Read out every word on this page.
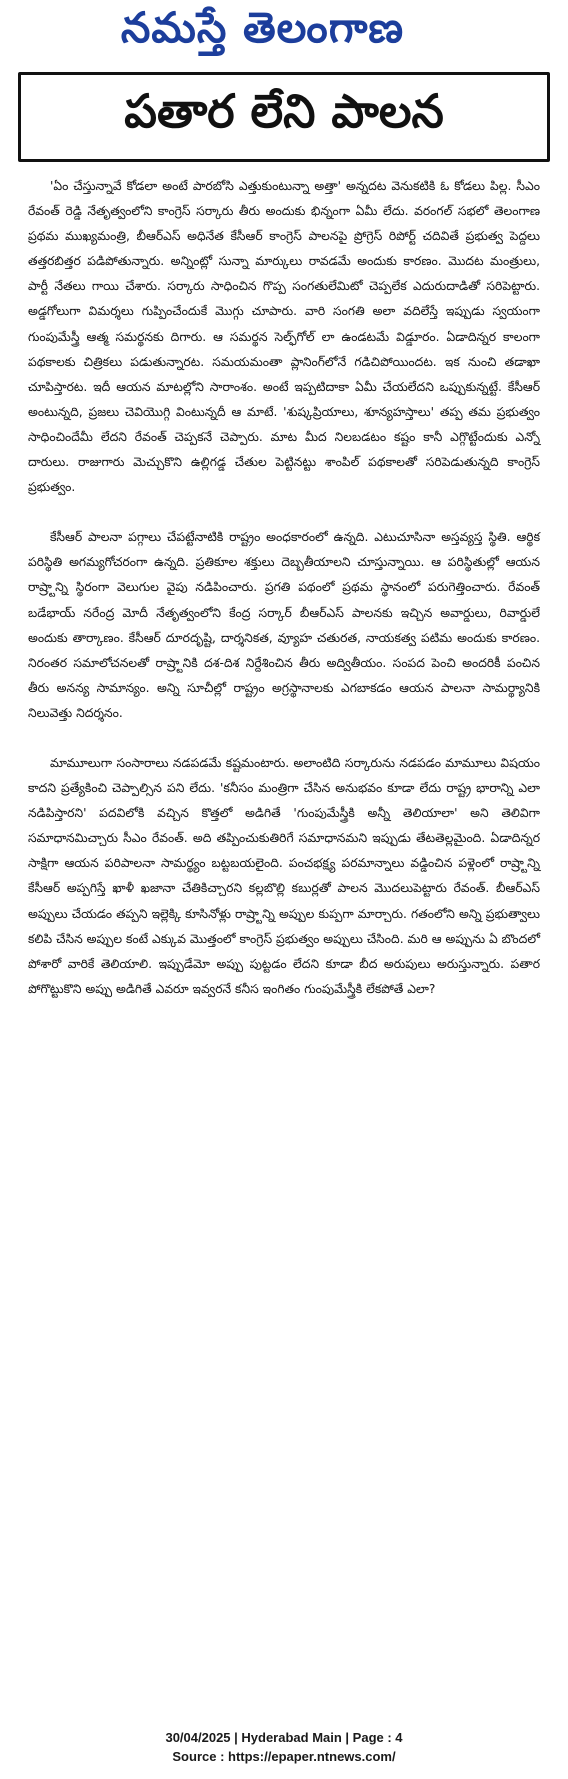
నమస్తే తెలంగాణ
పతార లేని పాలన

'ఏం చేస్తున్నావే కోడలా అంటే పారబోసి ఎత్తుకుంటున్నా అత్తా' అన్నదట వెనుకటికి ఓ కోడలు పిల్ల. సీఎం రేవంత్ రెడ్డి నేతృత్వంలోని కాంగ్రెస్ సర్కారు తీరు అందుకు భిన్నంగా ఏమీ లేదు. వరంగల్ సభలో తెలంగాణ ప్రథమ ముఖ్యమంత్రి, బీఆర్ఎస్ అధినేత కేసీఆర్ కాంగ్రెస్ పాలనపై ప్రోగ్రెస్ రిపోర్ట్ చదివితే ప్రభుత్వ పెద్దలు తత్తరబిత్తర పడిపోతున్నారు. అన్నింట్లో సున్నా మార్కులు రావడమే అందుకు కారణం. మొదట మంత్రులు, పార్టీ నేతలు గాయి చేశారు. సర్కారు సాధించిన గొప్ప సంగతులేమిటో చెప్పలేక ఎదురుదాడితో సరిపెట్టారు. అడ్డగోలుగా విమర్శలు గుప్పించేందుకే మొగ్గు చూపారు. వారి సంగతి అలా వదిలేస్తే ఇప్పుడు స్వయంగా గుంపుమేస్త్రీ ఆత్మ సమర్థనకు దిగారు. ఆ సమర్థన సెల్ఫ్‌గోల్ లా ఉండటమే విడ్డూరం. ఏడాదిన్నర కాలంగా పథకాలకు చిత్రికలు పడుతున్నారట. సమయమంతా ప్లానింగ్‌లోనే గడిచిపోయిందట. ఇక నుంచి తడాఖా చూపిస్తారట. ఇదీ ఆయన మాటల్లోని సారాంశం. అంటే ఇప్పటిదాకా ఏమీ చేయలేదని ఒప్పుకున్నట్టే. కేసీఆర్ అంటున్నది, ప్రజలు చెవియొగ్గి వింటున్నదీ ఆ మాటే. 'శుష్కప్రియాలు, శూన్యహస్తాలు' తప్ప తమ ప్రభుత్వం సాధించిందేమీ లేదని రేవంత్ చెప్పకనే చెప్పారు. మాట మీద నిలబడటం కష్టం కానీ ఎగ్గొట్టేందుకు ఎన్నో దారులు. రాజుగారు మెచ్చుకొని ఉల్లిగడ్డ చేతుల పెట్టినట్టు శాంపిల్ పథకాలతో సరిపెడుతున్నది కాంగ్రెస్ ప్రభుత్వం.

కేసీఆర్ పాలనా పగ్గాలు చేపట్టేనాటికి రాష్ట్రం అంధకారంలో ఉన్నది. ఎటుచూసినా అస్తవ్యస్త స్థితి. ఆర్థిక పరిస్థితి అగమ్యగోచరంగా ఉన్నది. ప్రతికూల శక్తులు దెబ్బతీయాలని చూస్తున్నాయి. ఆ పరిస్థితుల్లో ఆయన రాష్ర్టాన్ని స్థిరంగా వెలుగుల వైపు నడిపించారు. ప్రగతి పథంలో ప్రథమ స్థానంలో పరుగెత్తించారు. రేవంత్ బడేభాయ్ నరేంద్ర మోదీ నేతృత్వంలోని కేంద్ర సర్కార్ బీఆర్ఎస్ పాలనకు ఇచ్చిన అవార్డులు, రివార్డులే అందుకు తార్కాణం. కేసీఆర్ దూరదృష్టి, దార్శనికత, వ్యూహ చతురత, నాయకత్వ పటిమ అందుకు కారణం. నిరంతర సమాలోచనలతో రాష్ర్టానికి దశ-దిశ నిర్దేశించిన తీరు అద్వితీయం. సంపద పెంచి అందరికీ పంచిన తీరు అనన్య సామాన్యం. అన్ని సూచీల్లో రాష్ట్రం అగ్రస్థానాలకు ఎగబాకడం ఆయన పాలనా సామర్థ్యానికి నిలువెత్తు నిదర్శనం.

మామూలుగా సంసారాలు నడపడమే కష్టమంటారు. అలాంటిది సర్కారును నడపడం మామూలు విషయం కాదని ప్రత్యేకించి చెప్పాల్సిన పని లేదు. 'కనీసం మంత్రిగా చేసిన అనుభవం కూడా లేదు రాష్ట్ర భారాన్ని ఎలా నడిపిస్తారని' పదవిలోకి వచ్చిన కొత్తలో అడిగితే 'గుంపుమేస్త్రీకి అన్నీ తెలియాలా' అని తెలివిగా సమాధానమిచ్చారు సీఎం రేవంత్. అది తప్పించుకుతిరిగే సమాధానమని ఇప్పుడు తేటతెల్లమైంది. ఏడాదిన్నర సాక్షిగా ఆయన పరిపాలనా సామర్థ్యం బట్టబయలైంది. పంచభక్ష్య పరమాన్నాలు వడ్డించిన పళ్లెంలో రాష్ర్టాన్ని కేసీఆర్ అప్పగిస్తే ఖాళీ ఖజానా చేతికిచ్చారని కల్లబొల్లి కబుర్లతో పాలన మొదలుపెట్టారు రేవంత్. బీఆర్ఎస్ అప్పులు చేయడం తప్పని ఇల్లెక్కి కూసినోళ్లు రాష్ర్టాన్ని అప్పుల కుప్పగా మార్చారు. గతంలోని అన్ని ప్రభుత్వాలు కలిపి చేసిన అప్పుల కంటే ఎక్కువ మొత్తంలో కాంగ్రెస్ ప్రభుత్వం అప్పులు చేసింది. మరి ఆ అప్పును ఏ బొందలో పోశారో వారికే తెలియాలి. ఇప్పుడేమో అప్పు పుట్టడం లేదని కూడా బీద అరుపులు అరుస్తున్నారు. పతార పోగొట్టుకొని అప్పు అడిగితే ఎవరూ ఇవ్వరనే కనీస ఇంగితం గుంపుమేస్త్రీకి లేకపోతే ఎలా?

30/04/2025 | Hyderabad Main | Page : 4
Source : https://epaper.ntnews.com/
